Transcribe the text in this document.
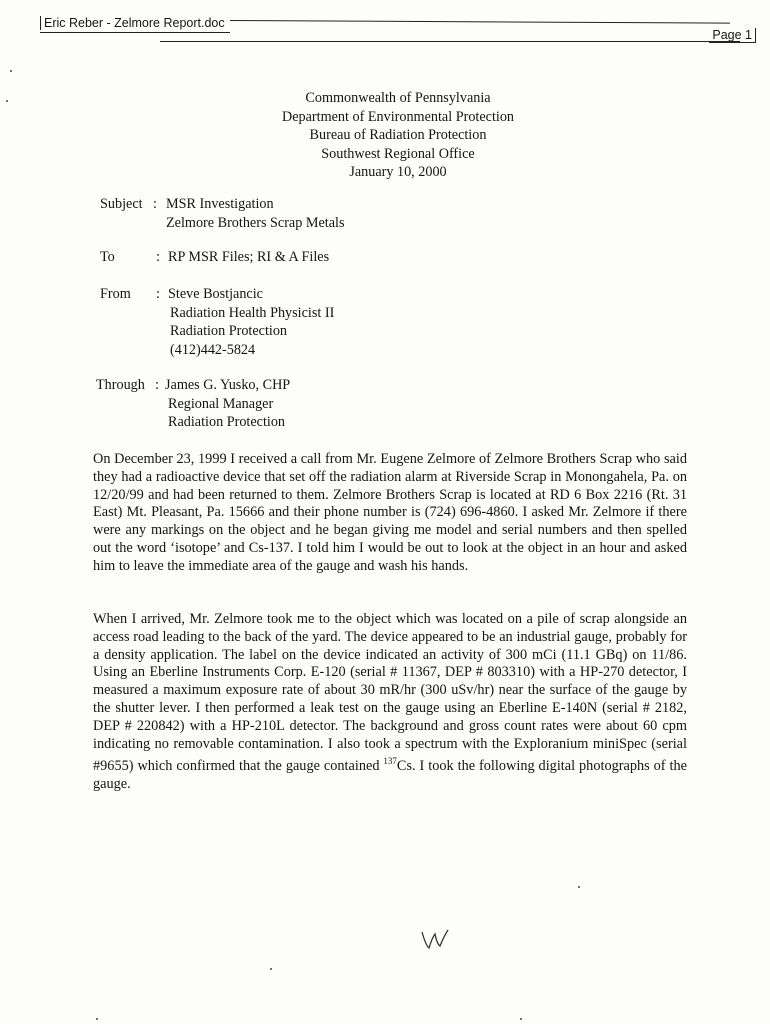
Eric Reber - Zelmore Report.doc
Page 1
Commonwealth of Pennsylvania
Department of Environmental Protection
Bureau of Radiation Protection
Southwest Regional Office
January 10, 2000
Subject : MSR Investigation
Zelmore Brothers Scrap Metals
To	: RP MSR Files; RI & A Files
From : Steve Bostjancic
Radiation Health Physicist II
Radiation Protection
(412)442-5824
Through : James G. Yusko, CHP
Regional Manager
Radiation Protection

On December 23, 1999 I received a call from Mr. Eugene Zelmore of Zelmore Brothers Scrap who said they had a radioactive device that set off the radiation alarm at Riverside Scrap in Monongahela, Pa. on 12/20/99 and had been returned to them. Zelmore Brothers Scrap is located at RD 6 Box 2216 (Rt. 31 East) Mt. Pleasant, Pa. 15666 and their phone number is (724) 696-4860. I asked Mr. Zelmore if there were any markings on the object and he began giving me model and serial numbers and then spelled out the word ‘isotope’ and Cs-137. I told him I would be out to look at the object in an hour and asked him to leave the immediate area of the gauge and wash his hands.

When I arrived, Mr. Zelmore took me to the object which was located on a pile of scrap alongside an access road leading to the back of the yard. The device appeared to be an industrial gauge, probably for a density application. The label on the device indicated an activity of 300 mCi (11.1 GBq) on 11/86. Using an Eberline Instruments Corp. E-120 (serial # 11367, DEP # 803310) with a HP-270 detector, I measured a maximum exposure rate of about 30 mR/hr (300 uSv/hr) near the surface of the gauge by the shutter lever. I then performed a leak test on the gauge using an Eberline E-140N (serial # 2182, DEP # 220842) with a HP-210L detector. The background and gross count rates were about 60 cpm indicating no removable contamination. I also took a spectrum with the Exploranium miniSpec (serial #9655) which confirmed that the gauge contained $^{137}$Cs. I took the following digital photographs of the gauge.
